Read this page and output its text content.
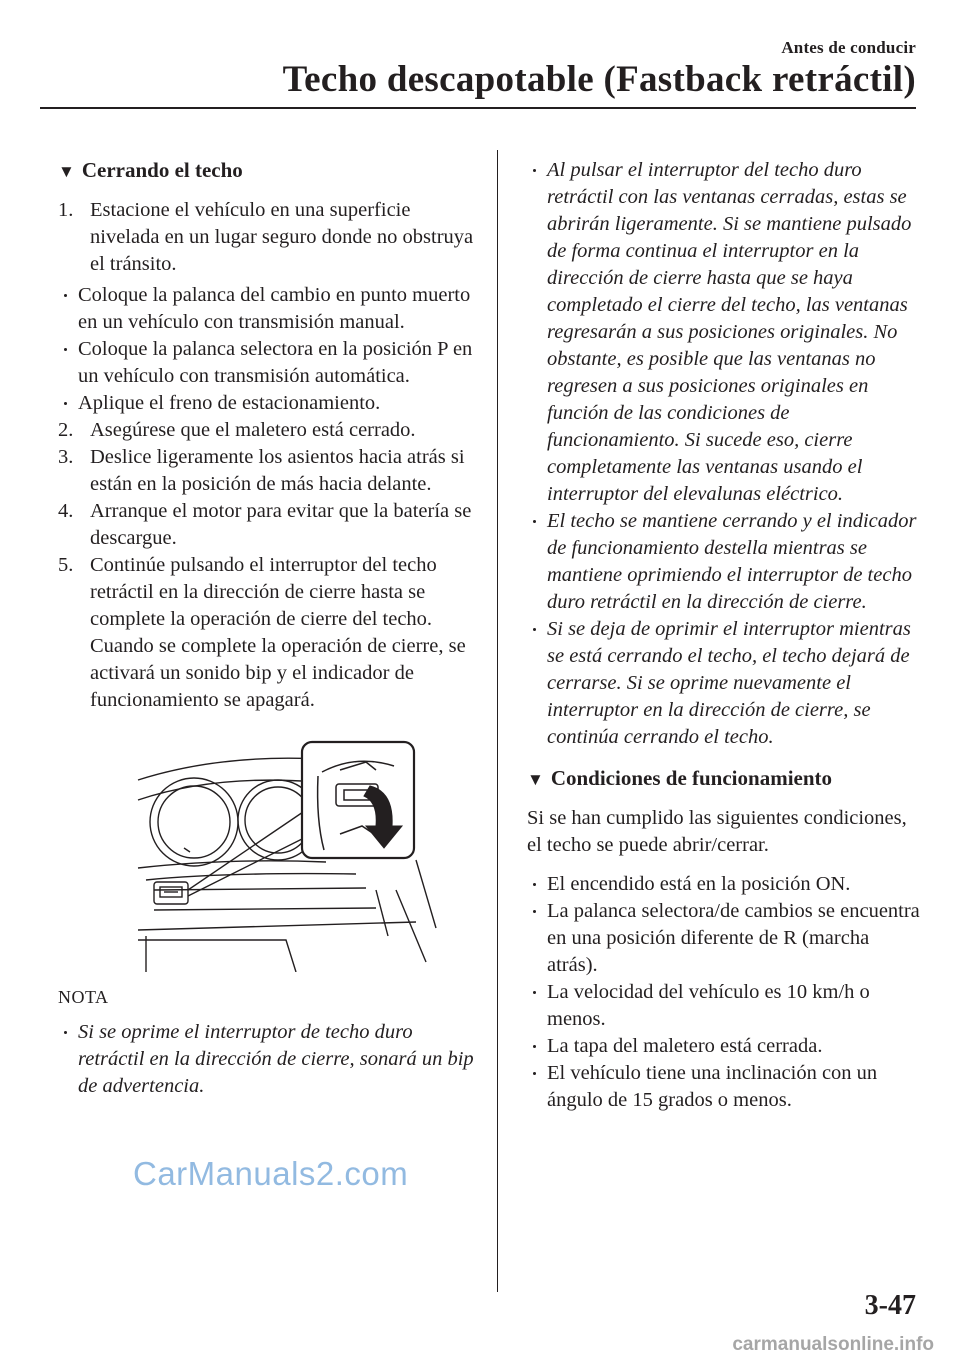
Antes de conducir
Techo descapotable (Fastback retráctil)
▼ Cerrando el techo
1. Estacione el vehículo en una superficie nivelada en un lugar seguro donde no obstruya el tránsito.
Coloque la palanca del cambio en punto muerto en un vehículo con transmisión manual.
Coloque la palanca selectora en la posición P en un vehículo con transmisión automática.
Aplique el freno de estacionamiento.
2. Asegúrese que el maletero está cerrado.
3. Deslice ligeramente los asientos hacia atrás si están en la posición de más hacia delante.
4. Arranque el motor para evitar que la batería se descargue.
5. Continúe pulsando el interruptor del techo retráctil en la dirección de cierre hasta se complete la operación de cierre del techo. Cuando se complete la operación de cierre, se activará un sonido bip y el indicador de funcionamiento se apagará.
NOTA
Si se oprime el interruptor de techo duro retráctil en la dirección de cierre, sonará un bip de advertencia.
Al pulsar el interruptor del techo duro retráctil con las ventanas cerradas, estas se abrirán ligeramente. Si se mantiene pulsado de forma continua el interruptor en la dirección de cierre hasta que se haya completado el cierre del techo, las ventanas regresarán a sus posiciones originales. No obstante, es posible que las ventanas no regresen a sus posiciones originales en función de las condiciones de funcionamiento. Si sucede eso, cierre completamente las ventanas usando el interruptor del elevalunas eléctrico.
El techo se mantiene cerrando y el indicador de funcionamiento destella mientras se mantiene oprimiendo el interruptor de techo duro retráctil en la dirección de cierre.
Si se deja de oprimir el interruptor mientras se está cerrando el techo, el techo dejará de cerrarse. Si se oprime nuevamente el interruptor en la dirección de cierre, se continúa cerrando el techo.
▼ Condiciones de funcionamiento

Si se han cumplido las siguientes condiciones, el techo se puede abrir/cerrar.

El encendido está en la posición ON.
La palanca selectora/de cambios se encuentra en una posición diferente de R (marcha atrás).
La velocidad del vehículo es 10 km/h o menos.
La tapa del maletero está cerrada.
El vehículo tiene una inclinación con un ángulo de 15 grados o menos.
CarManuals2.com
3-47
carmanualsonline.info
